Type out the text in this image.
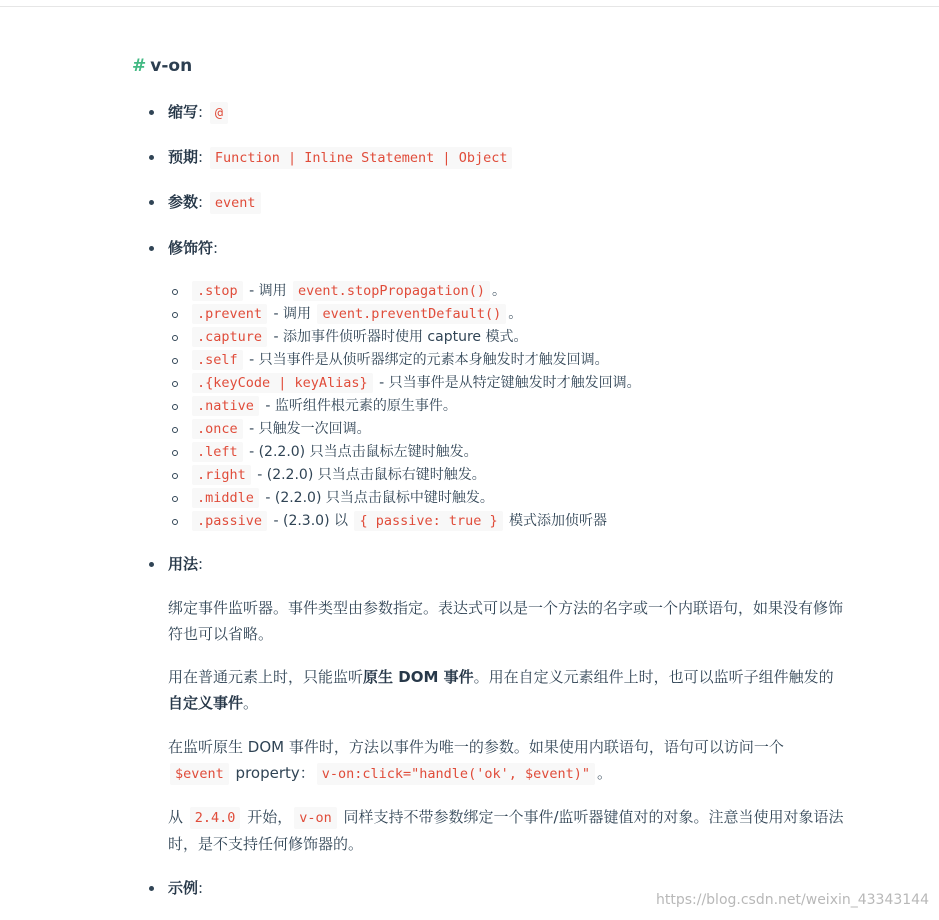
# v-on
缩写: @
预期: Function | Inline Statement | Object
参数: event
修饰符:
.stop - 调用 event.stopPropagation() 。
.prevent - 调用 event.preventDefault() 。
.capture - 添加事件侦听器时使用 capture 模式。
.self - 只当事件是从侦听器绑定的元素本身触发时才触发回调。
.{keyCode | keyAlias} - 只当事件是从特定键触发时才触发回调。
.native - 监听组件根元素的原生事件。
.once - 只触发一次回调。
.left - (2.2.0) 只当点击鼠标左键时触发。
.right - (2.2.0) 只当点击鼠标右键时触发。
.middle - (2.2.0) 只当点击鼠标中键时触发。
.passive - (2.3.0) 以 { passive: true } 模式添加侦听器
用法:

绑定事件监听器。事件类型由参数指定。表达式可以是一个方法的名字或一个内联语句，如果没有修饰符也可以省略。

用在普通元素上时，只能监听原生 DOM 事件。用在自定义元素组件上时，也可以监听子组件触发的自定义事件。

在监听原生 DOM 事件时，方法以事件为唯一的参数。如果使用内联语句，语句可以访问一个
$event property： v-on:click="handle('ok', $event)" 。

从 2.4.0 开始， v-on 同样支持不带参数绑定一个事件/监听器键值对的对象。注意当使用对象语法时，是不支持任何修饰器的。

示例:
https://blog.csdn.net/weixin_43343144
